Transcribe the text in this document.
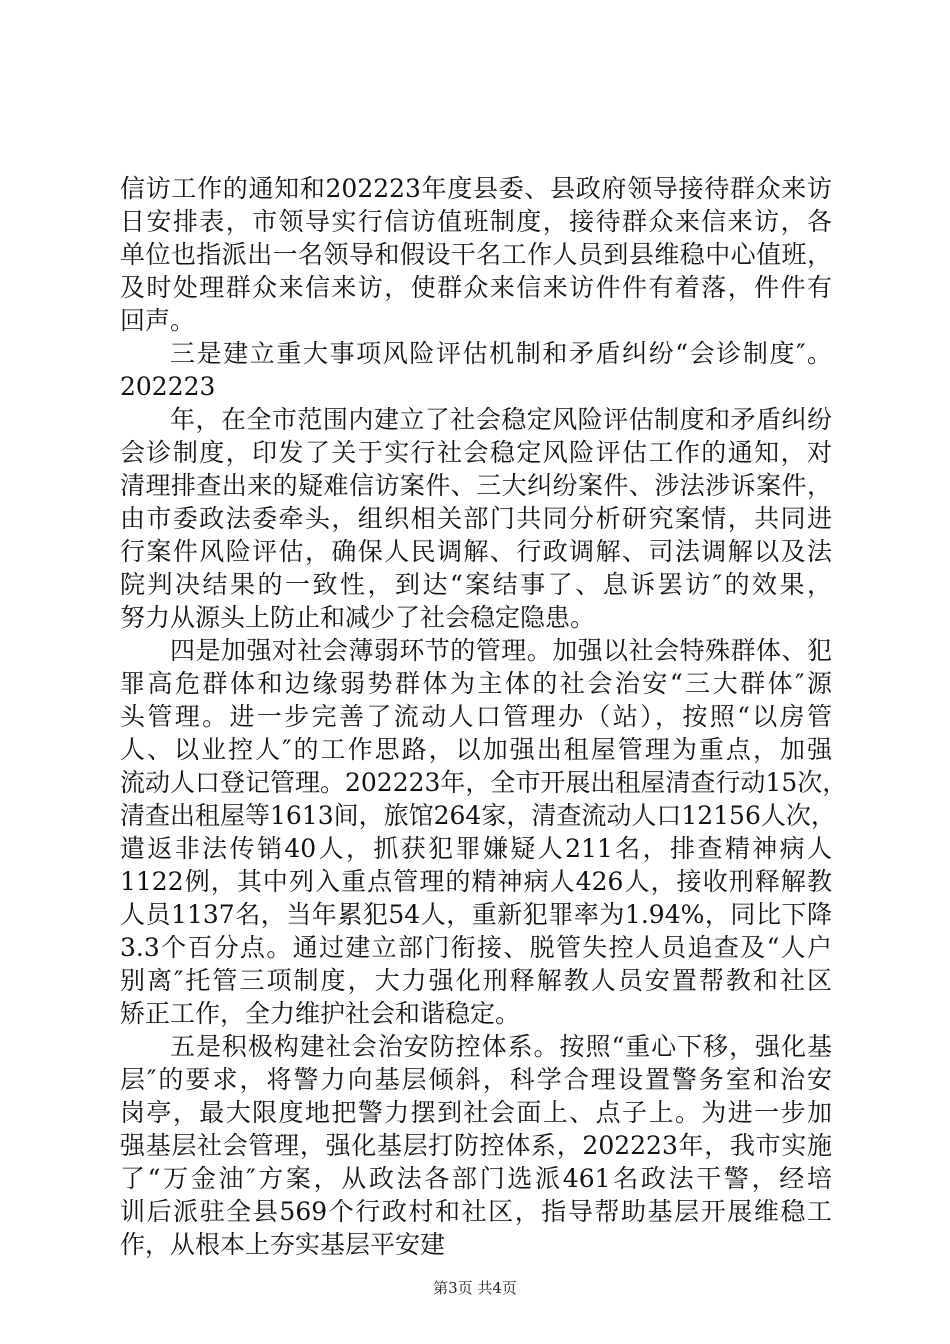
信访工作的通知和202223年度县委、县政府领导接待群众来访
日安排表，市领导实行信访值班制度，接待群众来信来访，各
单位也指派出一名领导和假设干名工作人员到县维稳中心值班，
及时处理群众来信来访，使群众来信来访件件有着落，件件有
回声。
三是建立重大事项风险评估机制和矛盾纠纷“会诊制度″。
202223
年，在全市范围内建立了社会稳定风险评估制度和矛盾纠纷
会诊制度，印发了关于实行社会稳定风险评估工作的通知，对
清理排查出来的疑难信访案件、三大纠纷案件、涉法涉诉案件，
由市委政法委牵头，组织相关部门共同分析研究案情，共同进
行案件风险评估，确保人民调解、行政调解、司法调解以及法
院判决结果的一致性，到达“案结事了、息诉罢访″的效果，
努力从源头上防止和减少了社会稳定隐患。
四是加强对社会薄弱环节的管理。加强以社会特殊群体、犯
罪高危群体和边缘弱势群体为主体的社会治安“三大群体″源
头管理。进一步完善了流动人口管理办（站），按照“以房管
人、以业控人″的工作思路，以加强出租屋管理为重点，加强
流动人口登记管理。202223年，全市开展出租屋清查行动15次，
清查出租屋等1613间，旅馆264家，清查流动人口12156人次，
遣返非法传销40人，抓获犯罪嫌疑人211名，排查精神病人
1122例，其中列入重点管理的精神病人426人，接收刑释解教
人员1137名，当年累犯54人，重新犯罪率为1.94%，同比下降
3.3个百分点。通过建立部门衔接、脱管失控人员追查及“人户
别离″托管三项制度，大力强化刑释解教人员安置帮教和社区
矫正工作，全力维护社会和谐稳定。
五是积极构建社会治安防控体系。按照“重心下移，强化基
层″的要求，将警力向基层倾斜，科学合理设置警务室和治安
岗亭，最大限度地把警力摆到社会面上、点子上。为进一步加
强基层社会管理，强化基层打防控体系，202223年，我市实施
了“万金油″方案，从政法各部门选派461名政法干警，经培
训后派驻全县569个行政村和社区，指导帮助基层开展维稳工
作，从根本上夯实基层平安建
第3页 共4页
